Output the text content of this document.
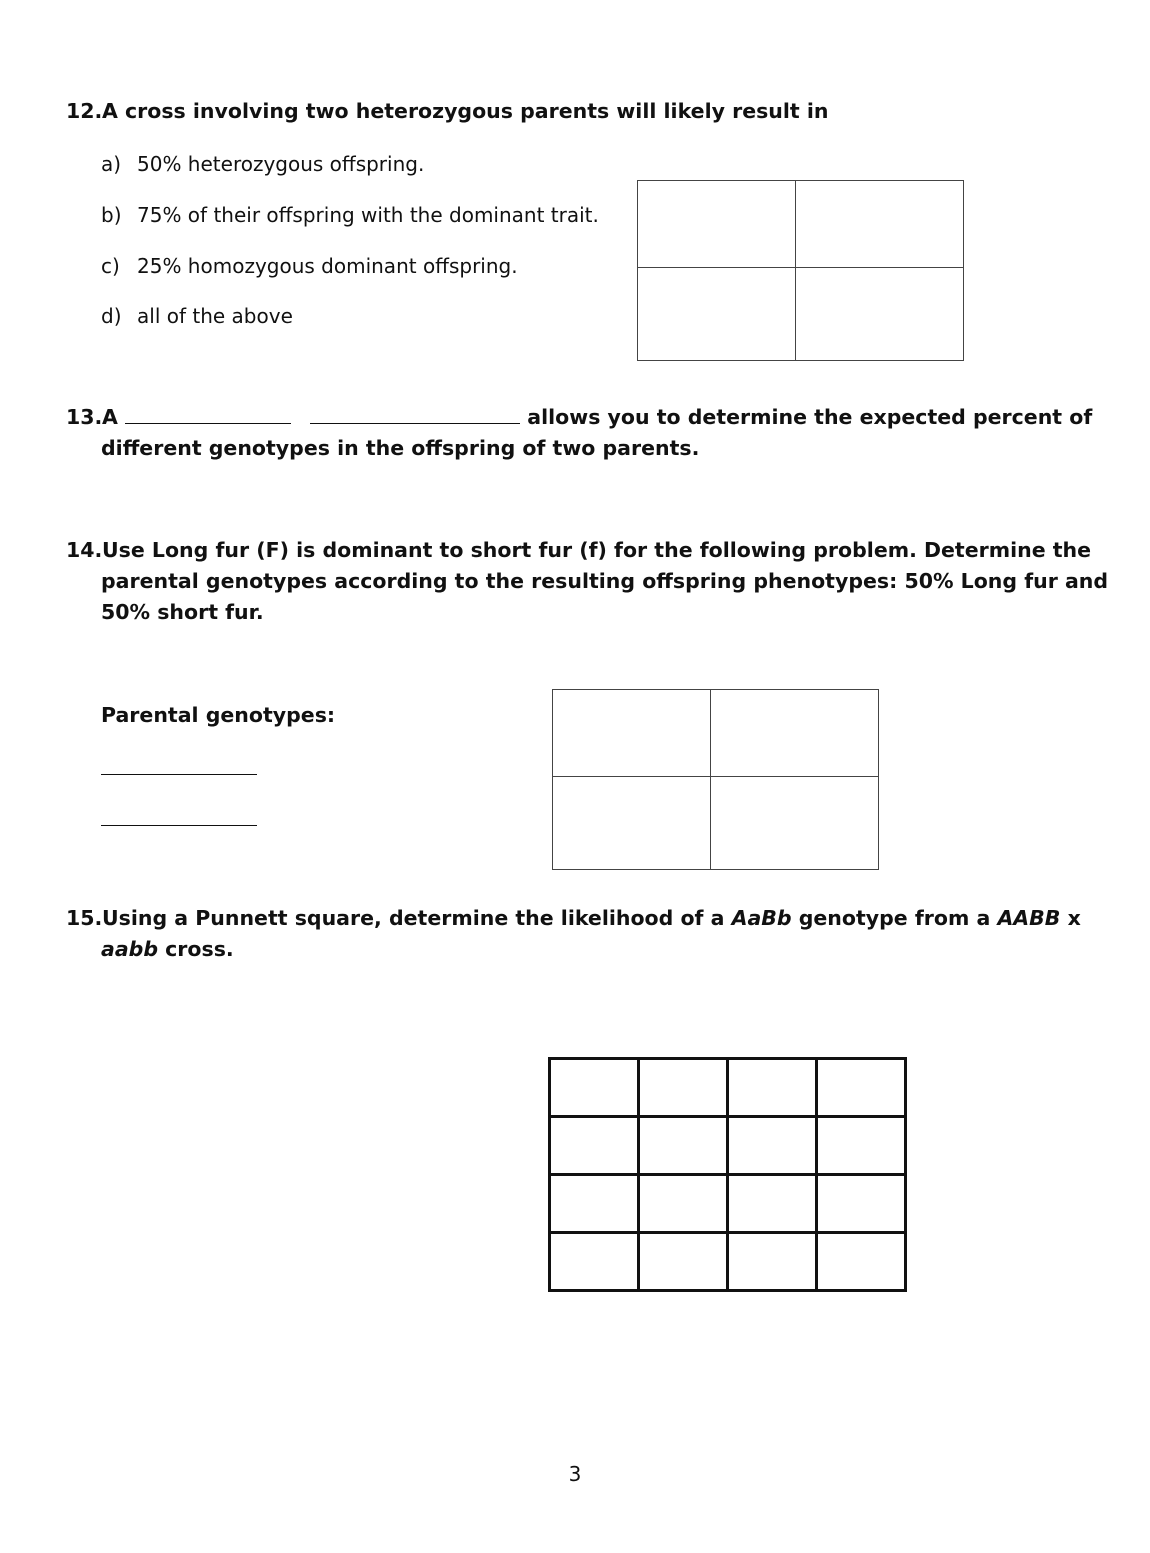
12.A cross involving two heterozygous parents will likely result in
a) 50% heterozygous offspring.
b) 75% of their offspring with the dominant trait.
c) 25% homozygous dominant offspring.
d) all of the above

13.A	allows you to determine the expected percent of
different genotypes in the offspring of two parents.
14.Use Long fur (F) is dominant to short fur (f) for the following problem. Determine the
parental genotypes according to the resulting offspring phenotypes: 50% Long fur and
50% short fur.
Parental genotypes:

15.Using a Punnett square, determine the likelihood of a AaBb genotype from a AABB x
aabb cross.

3
